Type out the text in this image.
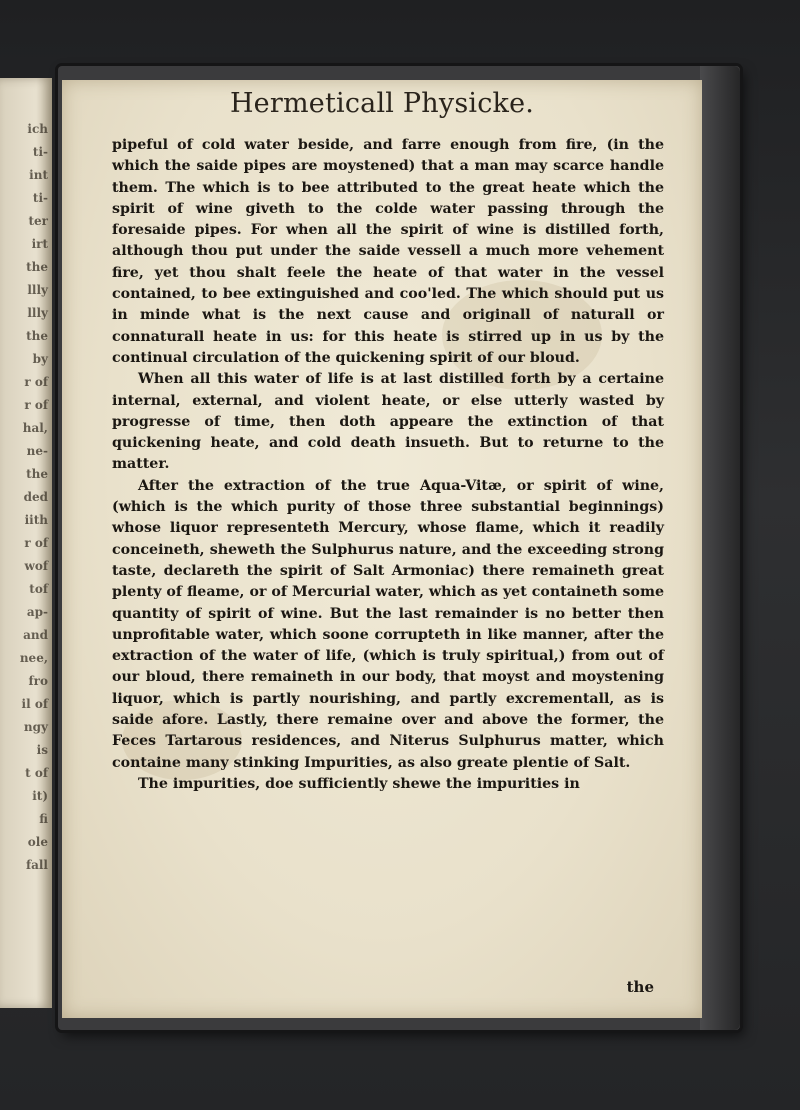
ich
ti-
int
ti-
ter
irt
the
llly
llly
the
by
r of
r of
hal,
ne-
the
ded
iith
r of
wof
tof
ap-
and
nee,
fro
il of
ngy
is
t of
it)
fi
ole
fall
Hermeticall Physicke.

pipeful of cold water beside, and farre enough from fire, (in the which the saide pipes are moystened) that a man may scarce handle them. The which is to bee attributed to the great heate which the spirit of wine giveth to the colde water passing through the foresaide pipes. For when all the spirit of wine is distilled forth, although thou put under the saide vessell a much more vehement fire, yet thou shalt feele the heate of that water in the vessel contained, to bee extinguished and coo'led. The which should put us in minde what is the next cause and originall of naturall or connaturall heate in us: for this heate is stirred up in us by the continual circulation of the quickening spirit of our bloud.

When all this water of life is at last distilled forth by a certaine internal, external, and violent heate, or else utterly wasted by progresse of time, then doth appeare the extinction of that quickening heate, and cold death insueth. But to returne to the matter.

After the extraction of the true Aqua-Vitæ, or spirit of wine, (which is the which purity of those three substantial beginnings) whose liquor representeth Mercury, whose flame, which it readily conceineth, sheweth the Sulphurus nature, and the exceeding strong taste, declareth the spirit of Salt Armoniac) there remaineth great plenty of fleame, or of Mercurial water, which as yet containeth some quantity of spirit of wine. But the last remainder is no better then unprofitable water, which soone corrupteth in like manner, after the extraction of the water of life, (which is truly spiritual,) from out of our bloud, there remaineth in our body, that moyst and moystening liquor, which is partly nourishing, and partly excrementall, as is saide afore. Lastly, there remaine over and above the former, the Feces Tartarous residences, and Niterus Sulphurus matter, which containe many stinking Impurities, as also greate plentie of Salt.

The impurities, doe sufficiently shewe the impurities in

the
